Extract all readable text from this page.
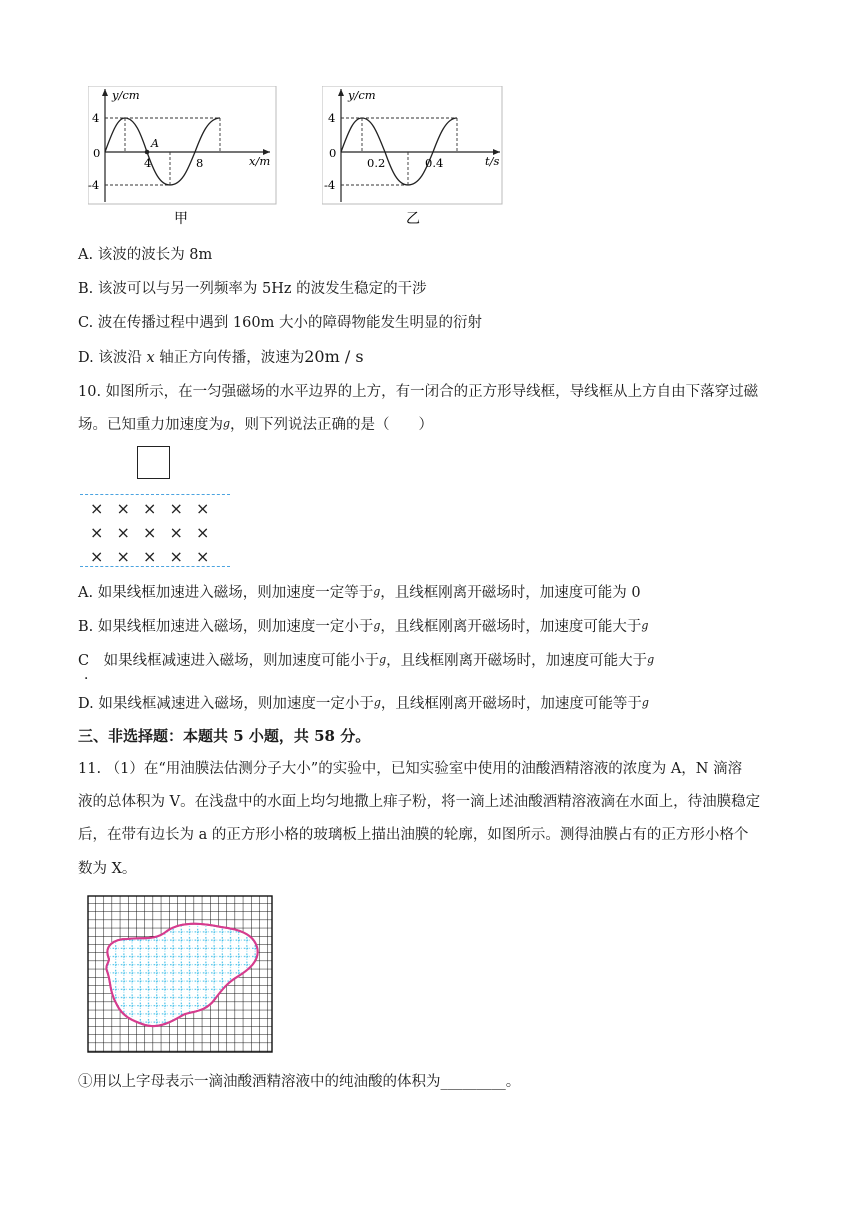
y/cm
4
0
-4
4	8
A
x/m
甲
y/cm
4
0
-4
0.2	0.4	t/s
乙
A. 该波的波长为 8m
B. 该波可以与另一列频率为 5Hz 的波发生稳定的干涉
C. 波在传播过程中遇到 160m 大小的障碍物能发生明显的衍射
D. 该波沿 x 轴正方向传播，波速为20m / s
10. 如图所示，在一匀强磁场的水平边界的上方，有一闭合的正方形导线框，导线框从上方自由下落穿过磁
场。已知重力加速度为g，则下列说法正确的是（　　）
× × × × ×
× × × × ×
× × × × ×
A. 如果线框加速进入磁场，则加速度一定等于g，且线框刚离开磁场时，加速度可能为 0
B. 如果线框加速进入磁场，则加速度一定小于g，且线框刚离开磁场时，加速度可能大于g
C　如果线框减速进入磁场，则加速度可能小于g，且线框刚离开磁场时，加速度可能大于g
．
D. 如果线框减速进入磁场，则加速度一定小于g，且线框刚离开磁场时，加速度可能等于g
三、非选择题：本题共 5 小题，共 58 分。
11. （1）在“用油膜法估测分子大小”的实验中，已知实验室中使用的油酸酒精溶液的浓度为 A，N 滴溶
液的总体积为 V。在浅盘中的水面上均匀地撒上痱子粉，将一滴上述油酸酒精溶液滴在水面上，待油膜稳定
后，在带有边长为 a 的正方形小格的玻璃板上描出油膜的轮廓，如图所示。测得油膜占有的正方形小格个
数为 X。
①用以上字母表示一滴油酸酒精溶液中的纯油酸的体积为_________。
